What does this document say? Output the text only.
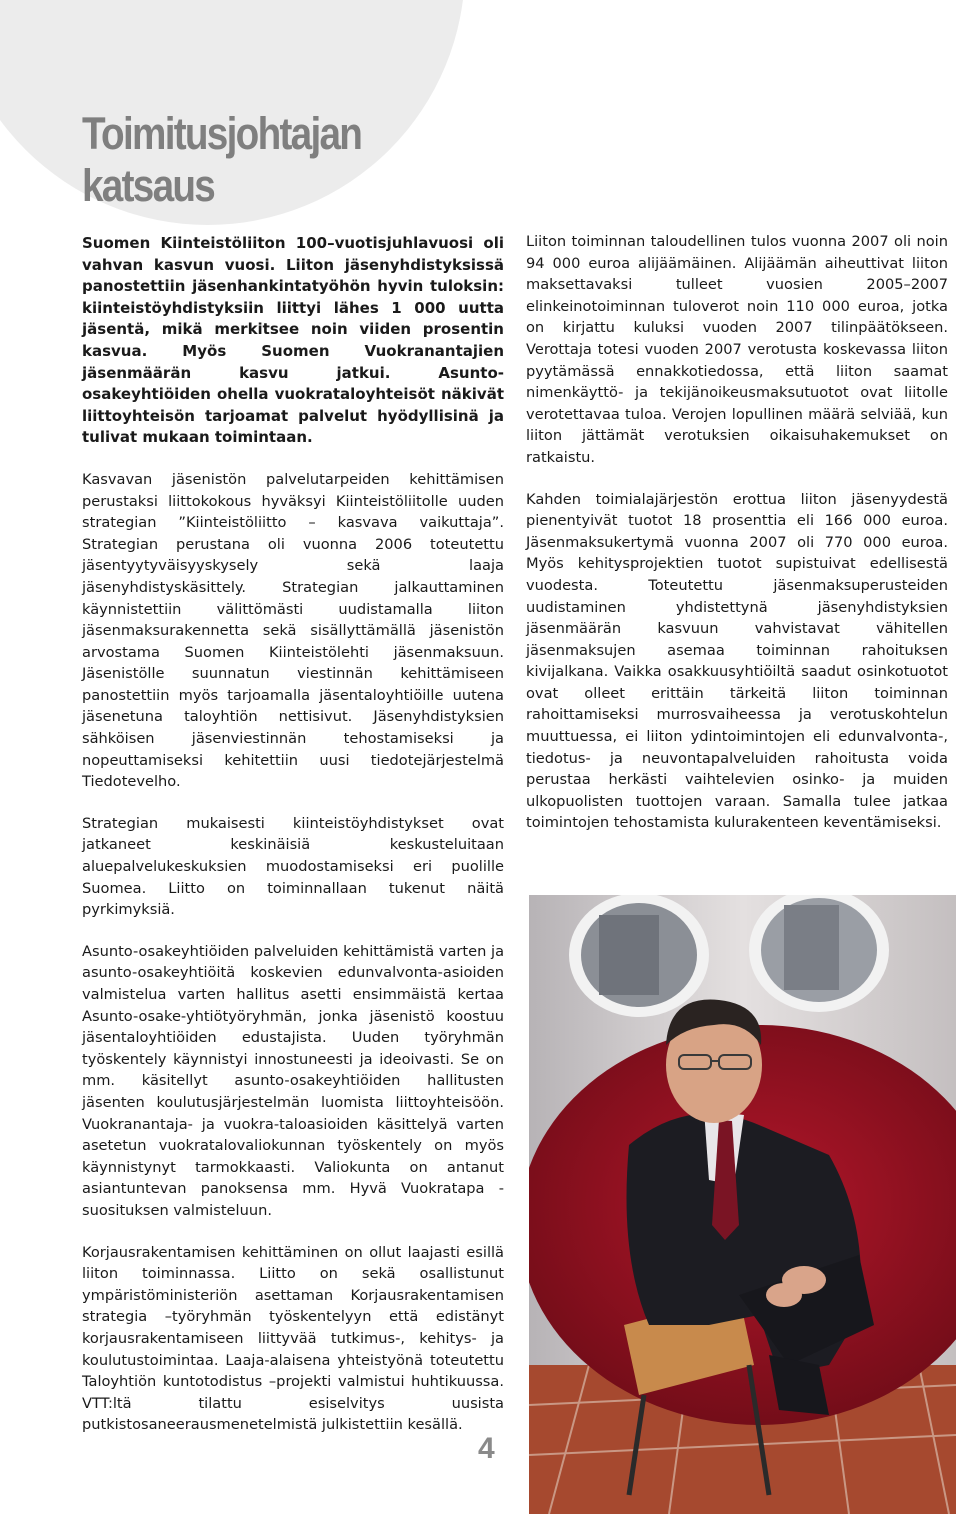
Toimitusjohtajan
katsaus

Suomen Kiinteistöliiton 100–vuotisjuhlavuosi oli vahvan kasvun vuosi. Liiton jäsenyhdistyksissä panostettiin jäsenhankintatyöhön hyvin tuloksin: kiinteistöyhdistyksiin liittyi lähes 1 000 uutta jäsentä, mikä merkitsee noin viiden prosentin kasvua. Myös Suomen Vuokranantajien jäsenmäärän kasvu jatkui. Asunto-osakeyhtiöiden ohella vuokrataloyhteisöt näkivät liittoyhteisön tarjoamat palvelut hyödyllisinä ja tulivat mukaan toimintaan.

Kasvavan jäsenistön palvelutarpeiden kehittämisen perustaksi liittokokous hyväksyi Kiinteistöliitolle uuden strategian ”Kiinteistöliitto – kasvava vaikuttaja”. Strategian perustana oli vuonna 2006 toteutettu jäsentyytyväisyyskysely sekä laaja jäsenyhdistyskäsittely. Strategian jalkauttaminen käynnistettiin välittömästi uudistamalla liiton jäsenmaksurakennetta sekä sisällyttämällä jäsenistön arvostama Suomen Kiinteistölehti jäsenmaksuun. Jäsenistölle suunnatun viestinnän kehittämiseen panostettiin myös tarjoamalla jäsentaloyhtiöille uutena jäsenetuna taloyhtiön nettisivut. Jäsenyhdistyksien sähköisen jäsenviestinnän tehostamiseksi ja nopeuttamiseksi kehitettiin uusi tiedotejärjestelmä Tiedotevelho.

Strategian mukaisesti kiinteistöyhdistykset ovat jatkaneet keskinäisiä keskusteluitaan aluepalvelukeskuksien muodostamiseksi eri puolille Suomea. Liitto on toiminnallaan tukenut näitä pyrkimyksiä.

Asunto-osakeyhtiöiden palveluiden kehittämistä varten ja asunto-osakeyhtiöitä koskevien edunvalvonta-asioiden valmistelua varten hallitus asetti ensimmäistä kertaa Asunto-osake-yhtiötyöryhmän, jonka jäsenistö koostuu jäsentaloyhtiöiden edustajista. Uuden työryhmän työskentely käynnistyi innostuneesti ja ideoivasti. Se on mm. käsitellyt asunto-osakeyhtiöiden hallitusten jäsenten koulutusjärjestelmän luomista liittoyhteisöön. Vuokranantaja- ja vuokra-taloasioiden käsittelyä varten asetetun vuokratalovaliokunnan työskentely on myös käynnistynyt tarmokkaasti. Valiokunta on antanut asiantuntevan panoksensa mm. Hyvä Vuokratapa -suosituksen valmisteluun.

Korjausrakentamisen kehittäminen on ollut laajasti esillä liiton toiminnassa. Liitto on sekä osallistunut ympäristöministeriön asettaman Korjausrakentamisen strategia –työryhmän työskentelyyn että edistänyt korjausrakentamiseen liittyvää tutkimus-, kehitys- ja koulutustoimintaa. Laaja-alaisena yhteistyönä toteutettu Taloyhtiön kuntotodistus –projekti valmistui huhtikuussa. VTT:ltä tilattu esiselvitys uusista putkistosaneerausmenetelmistä julkistettiin kesällä.

Liiton toiminnan taloudellinen tulos vuonna 2007 oli noin 94 000 euroa alijäämäinen. Alijäämän aiheuttivat liiton maksettavaksi tulleet vuosien 2005–2007 elinkeinotoiminnan tuloverot noin 110 000 euroa, jotka on kirjattu kuluksi vuoden 2007 tilinpäätökseen. Verottaja totesi vuoden 2007 verotusta koskevassa liiton pyytämässä ennakkotiedossa, että liiton saamat nimenkäyttö- ja tekijänoikeusmaksutuotot ovat liitolle verotettavaa tuloa. Verojen lopullinen määrä selviää, kun liiton jättämät verotuksien oikaisuhakemukset on ratkaistu.

Kahden toimialajärjestön erottua liiton jäsenyydestä pienentyivät tuotot 18 prosenttia eli 166 000 euroa. Jäsenmaksukertymä vuonna 2007 oli 770 000 euroa. Myös kehitysprojektien tuotot supistuivat edellisestä vuodesta. Toteutettu jäsenmaksuperusteiden uudistaminen yhdistettynä jäsenyhdistyksien jäsenmäärän kasvuun vahvistavat vähitellen jäsenmaksujen asemaa toiminnan rahoituksen kivijalkana. Vaikka osakkuusyhtiöiltä saadut osinkotuotot ovat olleet erittäin tärkeitä liiton toiminnan rahoittamiseksi murrosvaiheessa ja verotuskohtelun muuttuessa, ei liiton ydintoimintojen eli edunvalvonta-, tiedotus- ja neuvontapalveluiden rahoitusta voida perustaa herkästi vaihtelevien osinko- ja muiden ulkopuolisten tuottojen varaan. Samalla tulee jatkaa toimintojen tehostamista kulurakenteen keventämiseksi.

4
